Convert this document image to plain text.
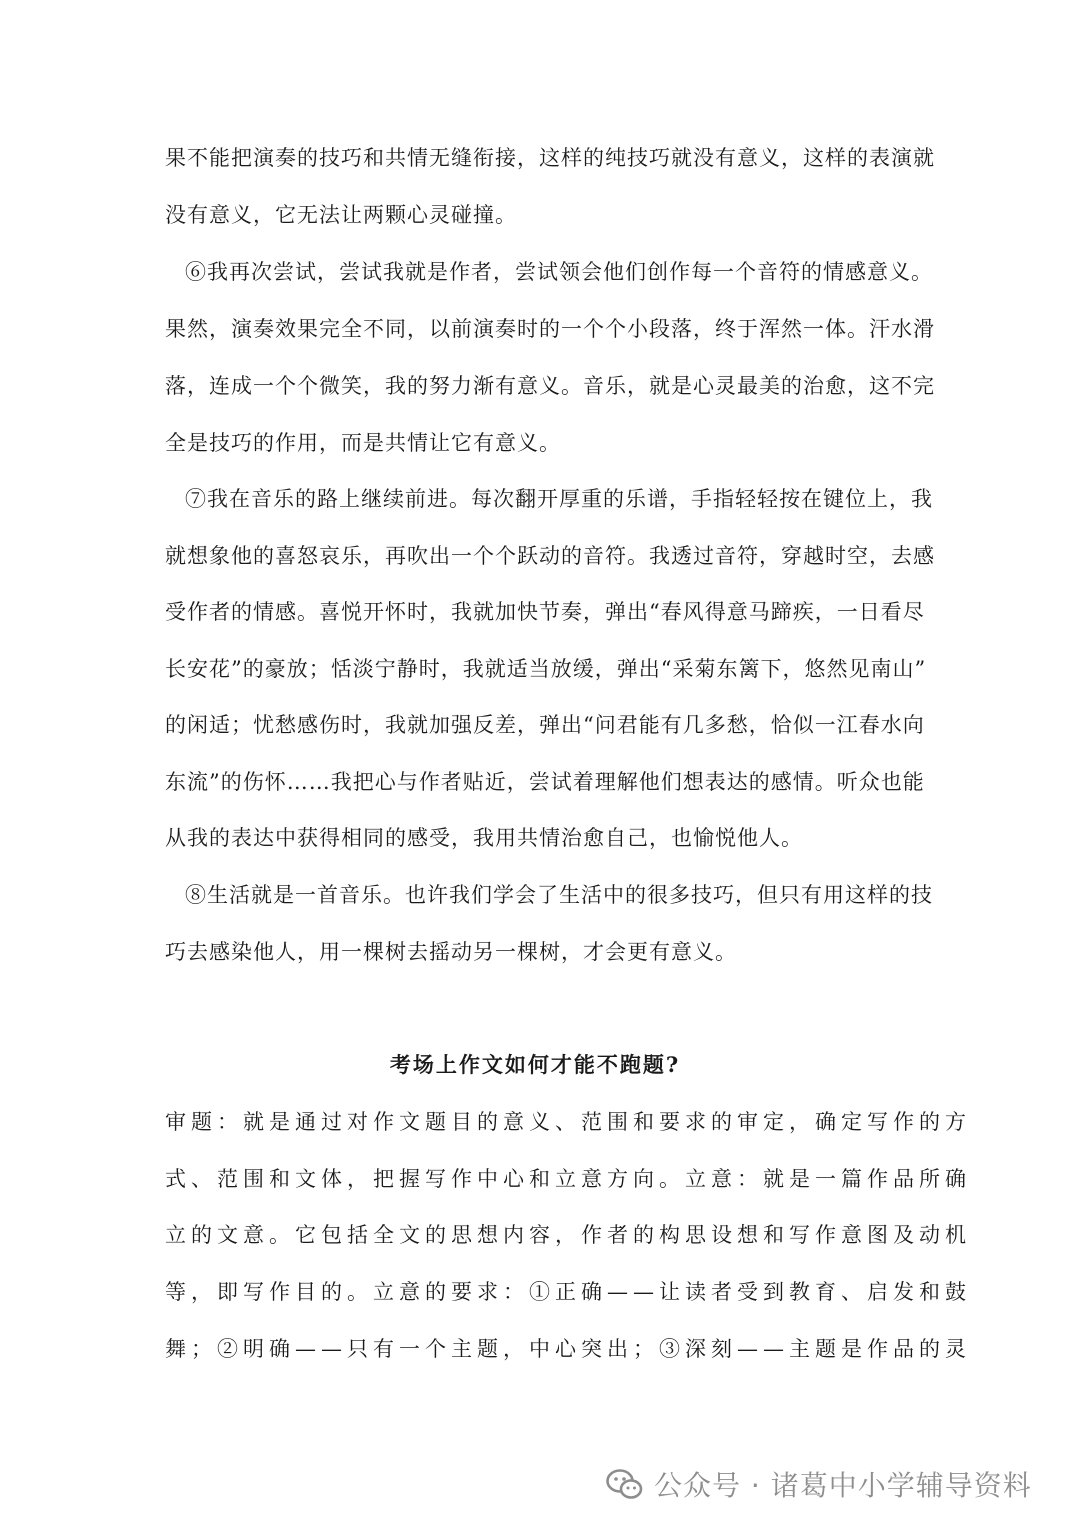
果不能把演奏的技巧和共情无缝衔接，这样的纯技巧就没有意义，这样的表演就
没有意义，它无法让两颗心灵碰撞。
⑥我再次尝试，尝试我就是作者，尝试领会他们创作每一个音符的情感意义。
果然，演奏效果完全不同，以前演奏时的一个个小段落，终于浑然一体。汗水滑
落，连成一个个微笑，我的努力渐有意义。音乐，就是心灵最美的治愈，这不完
全是技巧的作用，而是共情让它有意义。
⑦我在音乐的路上继续前进。每次翻开厚重的乐谱，手指轻轻按在键位上，我
就想象他的喜怒哀乐，再吹出一个个跃动的音符。我透过音符，穿越时空，去感
受作者的情感。喜悦开怀时，我就加快节奏，弹出“春风得意马蹄疾，一日看尽
长安花”的豪放；恬淡宁静时，我就适当放缓，弹出“采菊东篱下，悠然见南山”
的闲适；忧愁感伤时，我就加强反差，弹出“问君能有几多愁，恰似一江春水向
东流”的伤怀……我把心与作者贴近，尝试着理解他们想表达的感情。听众也能
从我的表达中获得相同的感受，我用共情治愈自己，也愉悦他人。
⑧生活就是一首音乐。也许我们学会了生活中的很多技巧，但只有用这样的技
巧去感染他人，用一棵树去摇动另一棵树，才会更有意义。
考场上作文如何才能不跑题?
审题：就是通过对作文题目的意义、范围和要求的审定，确定写作的方
式、范围和文体，把握写作中心和立意方向。立意：就是一篇作品所确
立的文意。它包括全文的思想内容，作者的构思设想和写作意图及动机
等，即写作目的。立意的要求：①正确——让读者受到教育、启发和鼓
舞；②明确——只有一个主题，中心突出；③深刻——主题是作品的灵
公众号 · 诸葛中小学辅导资料
